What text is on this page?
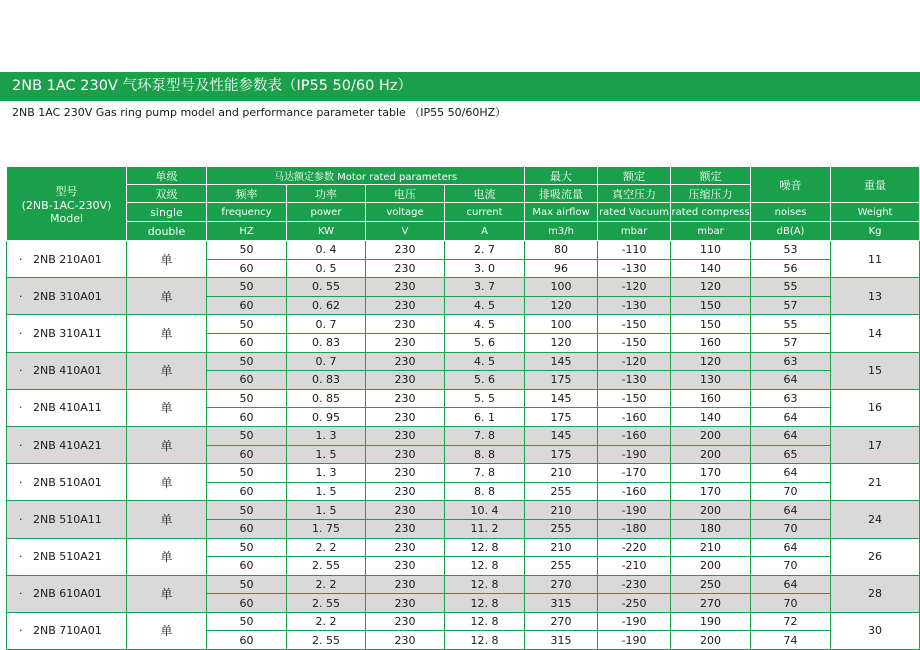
2NB 1AC 230V 气环泵型号及性能参数表（IP55 50/60 Hz）
2NB 1AC 230V Gas ring pump model and performance parameter table （IP55 50/60HZ）
型号
(2NB-1AC-230V)
Model	单级	马达额定参数 Motor rated parameters				最大	额定	额定	噪音	重量
	双级	频率	功率	电压	电流	排吸流量	真空压力	压缩压力		
	single	frequency	power	voltage	current	Max airflow	rated Vacuum	rated compress	noises	Weight
	double	HZ	KW	V	A	m3/h	mbar	mbar	dB(A)	Kg
· 2NB 210A01	单	50	0. 4	230	2. 7	80	-110	110	53	11
		60	0. 5	230	3. 0	96	-130	140	56	
· 2NB 310A01	单	50	0. 55	230	3. 7	100	-120	120	55	13
		60	0. 62	230	4. 5	120	-130	150	57	
· 2NB 310A11	单	50	0. 7	230	4. 5	100	-150	150	55	14
		60	0. 83	230	5. 6	120	-150	160	57	
· 2NB 410A01	单	50	0. 7	230	4. 5	145	-120	120	63	15
		60	0. 83	230	5. 6	175	-130	130	64	
· 2NB 410A11	单	50	0. 85	230	5. 5	145	-150	160	63	16
		60	0. 95	230	6. 1	175	-160	140	64	
· 2NB 410A21	单	50	1. 3	230	7. 8	145	-160	200	64	17
		60	1. 5	230	8. 8	175	-190	200	65	
· 2NB 510A01	单	50	1. 3	230	7. 8	210	-170	170	64	21
		60	1. 5	230	8. 8	255	-160	170	70	
· 2NB 510A11	单	50	1. 5	230	10. 4	210	-190	200	64	24
		60	1. 75	230	11. 2	255	-180	180	70	
· 2NB 510A21	单	50	2. 2	230	12. 8	210	-220	210	64	26
		60	2. 55	230	12. 8	255	-210	200	70	
· 2NB 610A01	单	50	2. 2	230	12. 8	270	-230	250	64	28
		60	2. 55	230	12. 8	315	-250	270	70	
· 2NB 710A01	单	50	2. 2	230	12. 8	270	-190	190	72	30
		60	2. 55	230	12. 8	315	-190	200	74	
